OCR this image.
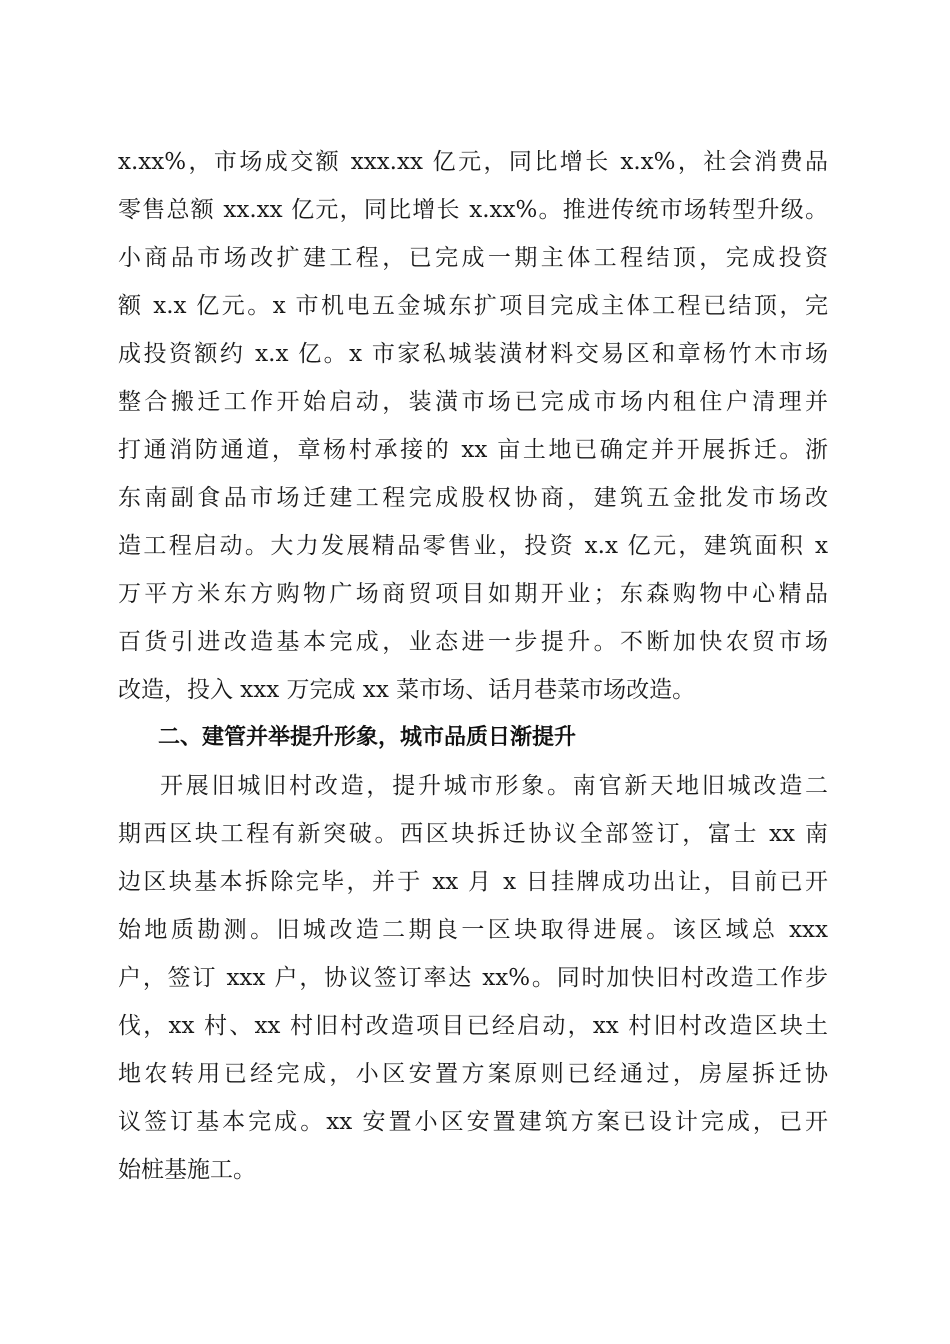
x.xx%，市场成交额 xxx.xx 亿元，同比增长 x.x%，社会消费品
零售总额 xx.xx 亿元，同比增长 x.xx%。推进传统市场转型升级。
小商品市场改扩建工程，已完成一期主体工程结顶，完成投资
额 x.x 亿元。x 市机电五金城东扩项目完成主体工程已结顶，完
成投资额约 x.x 亿。x 市家私城装潢材料交易区和章杨竹木市场
整合搬迁工作开始启动，装潢市场已完成市场内租住户清理并
打通消防通道，章杨村承接的 xx 亩土地已确定并开展拆迁。浙
东南副食品市场迁建工程完成股权协商，建筑五金批发市场改
造工程启动。大力发展精品零售业，投资 x.x 亿元，建筑面积 x
万平方米东方购物广场商贸项目如期开业；东森购物中心精品
百货引进改造基本完成，业态进一步提升。不断加快农贸市场
改造，投入 xxx 万完成 xx 菜市场、话月巷菜市场改造。
二、建管并举提升形象，城市品质日渐提升
开展旧城旧村改造，提升城市形象。南官新天地旧城改造二
期西区块工程有新突破。西区块拆迁协议全部签订，富士 xx 南
边区块基本拆除完毕，并于 xx 月 x 日挂牌成功出让，目前已开
始地质勘测。旧城改造二期良一区块取得进展。该区域总 xxx
户，签订 xxx 户，协议签订率达 xx%。同时加快旧村改造工作步
伐，xx 村、xx 村旧村改造项目已经启动，xx 村旧村改造区块土
地农转用已经完成，小区安置方案原则已经通过，房屋拆迁协
议签订基本完成。xx 安置小区安置建筑方案已设计完成，已开
始桩基施工。
